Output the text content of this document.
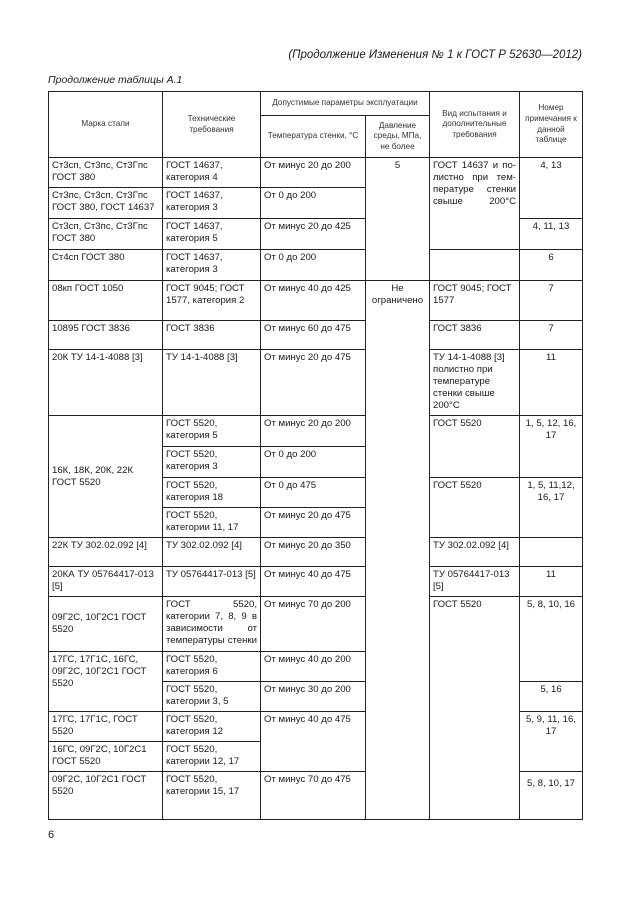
(Продолжение Изменения № 1 к ГОСТ Р 52630—2012)
Продолжение таблицы А.1
Марка стали	Технические требования	Допустимые параметры эксплуатации		Вид испытания и дополнительные требования	Номер примечания к данной таблице
		Температура стенки, °С	Давление среды, МПа, не более		
Ст3сп, Ст3пс, Ст3Гпс ГОСТ 380	ГОСТ 14637, категория 4	От минус 20 до 200	5	ГОСТ 14637 и по-листно при тем-пературе стенки свыше 200°С	4, 13
Ст3пс, Ст3сп, Ст3Гпс ГОСТ 380, ГОСТ 14637	ГОСТ 14637, категория 3	От 0 до 200			
Ст3сп, Ст3пс, Ст3Гпс ГОСТ 380	ГОСТ 14637, категория 5	От минус 20 до 425			4, 11, 13
Ст4сп ГОСТ 380	ГОСТ 14637, категория 3	От 0 до 200			6
08кп ГОСТ 1050	ГОСТ 9045; ГОСТ 1577, категория 2	От минус 40 до 425	Не ограничено	ГОСТ 9045; ГОСТ 1577	7
10895 ГОСТ 3836	ГОСТ 3836	От минус 60 до 475		ГОСТ 3836	7
20К ТУ 14-1-4088 [3]	ТУ 14-1-4088 [3]	От минус 20 до 475		ТУ 14-1-4088 [3] полистно при температуре стенки свыше 200°С	11
16К, 18К, 20К, 22К ГОСТ 5520	ГОСТ 5520, категория 5	От минус 20 до 200		ГОСТ 5520	1, 5, 12, 16, 17
	ГОСТ 5520, категория 3	От 0 до 200			
	ГОСТ 5520, категория 18	От 0 до 475		ГОСТ 5520	1, 5, 11,12, 16, 17
	ГОСТ 5520, категории 11, 17	От минус 20 до 475			
22К ТУ 302.02.092 [4]	ТУ 302.02.092 [4]	От минус 20 до 350		ТУ 302.02.092 [4]	
20КА ТУ 05764417-013 [5]	ТУ 05764417-013 [5]	От минус 40 до 475		ТУ 05764417-013 [5]	11
09Г2С, 10Г2С1 ГОСТ 5520	ГОСТ 5520, категории 7, 8, 9 в зависимости от температуры стенки	От минус 70 до 200		ГОСТ 5520	5, 8, 10, 16
17ГС, 17Г1С, 16ГС, 09Г2С, 10Г2С1 ГОСТ 5520	ГОСТ 5520, категория 6	От минус 40 до 200			
	ГОСТ 5520, категории 3, 5	От минус 30 до 200			5, 16
17ГС, 17Г1С, ГОСТ 5520	ГОСТ 5520, категория 12	От минус 40 до 475			5, 9, 11, 16, 17
16ГС, 09Г2С, 10Г2С1 ГОСТ 5520	ГОСТ 5520, категории 12, 17				
09Г2С, 10Г2С1 ГОСТ 5520	ГОСТ 5520, категории 15, 17	От минус 70 до 475			5, 8, 10, 17
6
